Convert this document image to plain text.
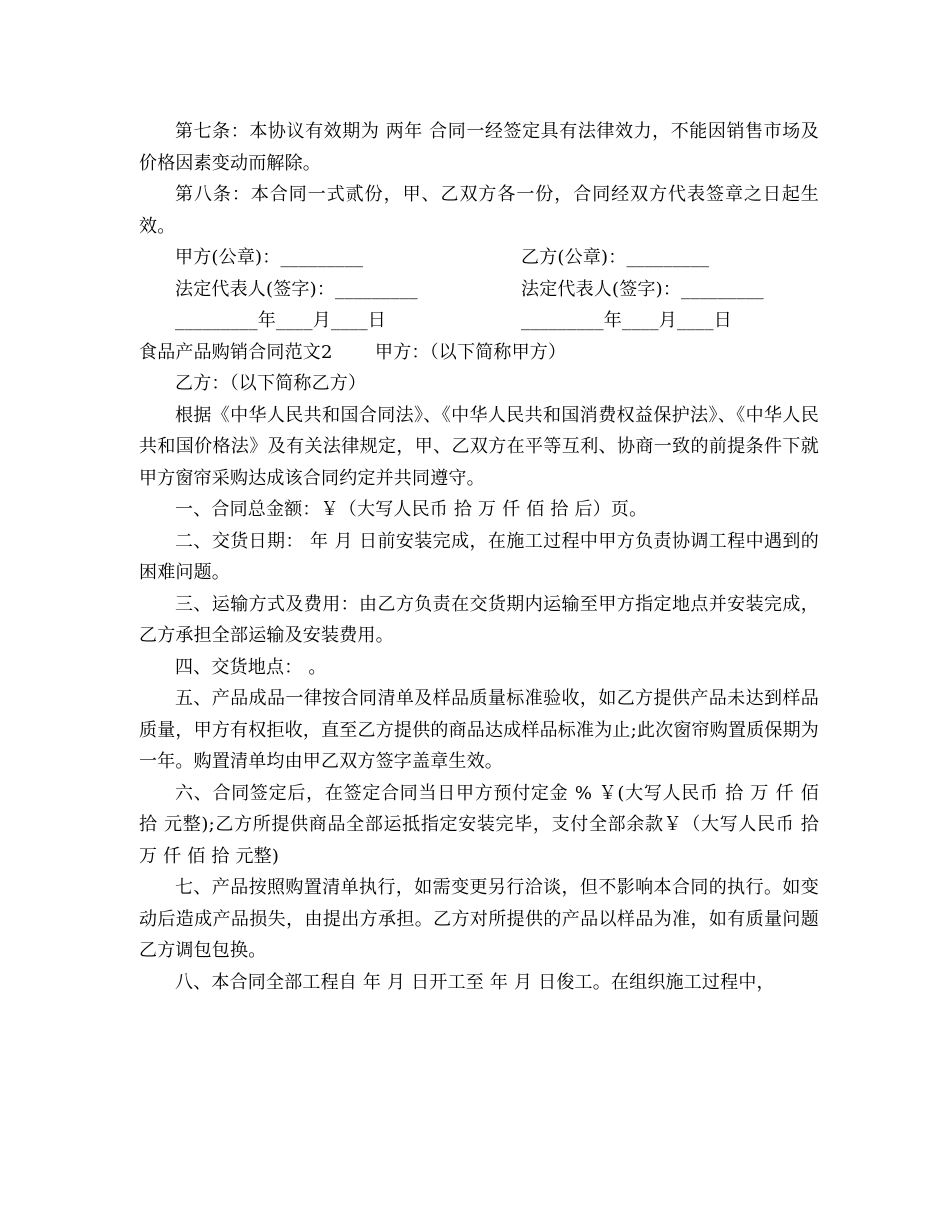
第七条：本协议有效期为 两年 合同一经签定具有法律效力，不能因销售市场及价格因素变动而解除。

第八条：本合同一式贰份，甲、乙双方各一份，合同经双方代表签章之日起生效。

甲方(公章)：_________	乙方(公章)：_________
法定代表人(签字)：_________	法定代表人(签字)：_________
_________年____月____日	_________年____月____日
食品产品购销合同范文2	甲方：（以下简称甲方）

乙方：（以下简称乙方）

根据《中华人民共和国合同法》、《中华人民共和国消费权益保护法》、《中华人民共和国价格法》及有关法律规定，甲、乙双方在平等互利、协商一致的前提条件下就甲方窗帘采购达成该合同约定并共同遵守。

一、合同总金额：￥（大写人民币 拾 万 仟 佰 拾 后）页。

二、交货日期： 年 月 日前安装完成，在施工过程中甲方负责协调工程中遇到的困难问题。

三、运输方式及费用：由乙方负责在交货期内运输至甲方指定地点并安装完成，乙方承担全部运输及安装费用。

四、交货地点： 。

五、产品成品一律按合同清单及样品质量标准验收，如乙方提供产品未达到样品质量，甲方有权拒收，直至乙方提供的商品达成样品标准为止;此次窗帘购置质保期为一年。购置清单均由甲乙双方签字盖章生效。

六、合同签定后，在签定合同当日甲方预付定金 % ￥(大写人民币 拾 万 仟 佰 拾 元整);乙方所提供商品全部运抵指定安装完毕，支付全部余款￥（大写人民币 拾 万 仟 佰 拾 元整)

七、产品按照购置清单执行，如需变更另行洽谈，但不影响本合同的执行。如变动后造成产品损失，由提出方承担。乙方对所提供的产品以样品为准，如有质量问题乙方调包包换。

八、本合同全部工程自 年 月 日开工至 年 月 日俊工。在组织施工过程中，
